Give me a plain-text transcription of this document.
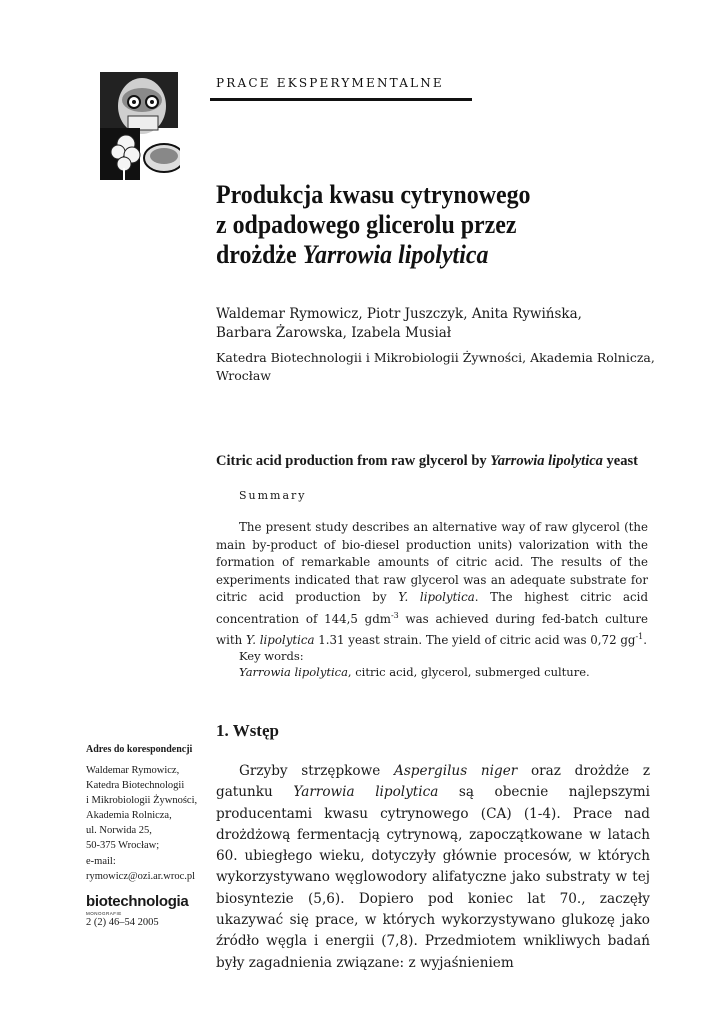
PRACE EKSPERYMENTALNE
Produkcja kwasu cytrynowego
z odpadowego glicerolu przez
drożdże Yarrowia lipolytica
Waldemar Rymowicz, Piotr Juszczyk, Anita Rywińska,
Barbara Żarowska, Izabela Musiał
Katedra Biotechnologii i Mikrobiologii Żywności, Akademia Rolnicza,
Wrocław
Citric acid production from raw glycerol by Yarrowia lipolytica yeast
Summary
The present study describes an alternative way of raw glycerol (the main by-product of bio-diesel production units) valorization with the formation of remarkable amounts of citric acid. The results of the experiments indicated that raw glycerol was an adequate substrate for citric acid production by Y. lipolytica. The highest citric acid concentration of 144,5 gdm$^{-3}$ was achieved during fed-batch culture with Y. lipolytica 1.31 yeast strain. The yield of citric acid was 0,72 $gg^{-1}$.
Key words:
Yarrowia lipolytica, citric acid, glycerol, submerged culture.
1. Wstęp
Grzyby strzępkowe Aspergilus niger oraz drożdże z gatunku Yarrowia lipolytica są obecnie najlepszymi producentami kwasu cytrynowego (CA) (1-4). Prace nad drożdżową fermentacją cytrynową, zapoczątkowane w latach 60. ubiegłego wieku, dotyczyły głównie procesów, w których wykorzystywano węglowodory alifatyczne jako substraty w tej biosyntezie (5,6). Dopiero pod koniec lat 70., zaczęły ukazywać się prace, w których wykorzystywano glukozę jako źródło węgla i energii (7,8). Przedmiotem wnikliwych badań były zagadnienia związane: z wyjaśnieniem
Adres do korespondencji
Waldemar Rymowicz,
Katedra Biotechnologii
i Mikrobiologii Żywności,
Akademia Rolnicza,
ul. Norwida 25,
50-375 Wrocław;
e-mail:
rymowicz@ozi.ar.wroc.pl
biotechnologia
MONOGRAFIE
2 (2) 46–54 2005
